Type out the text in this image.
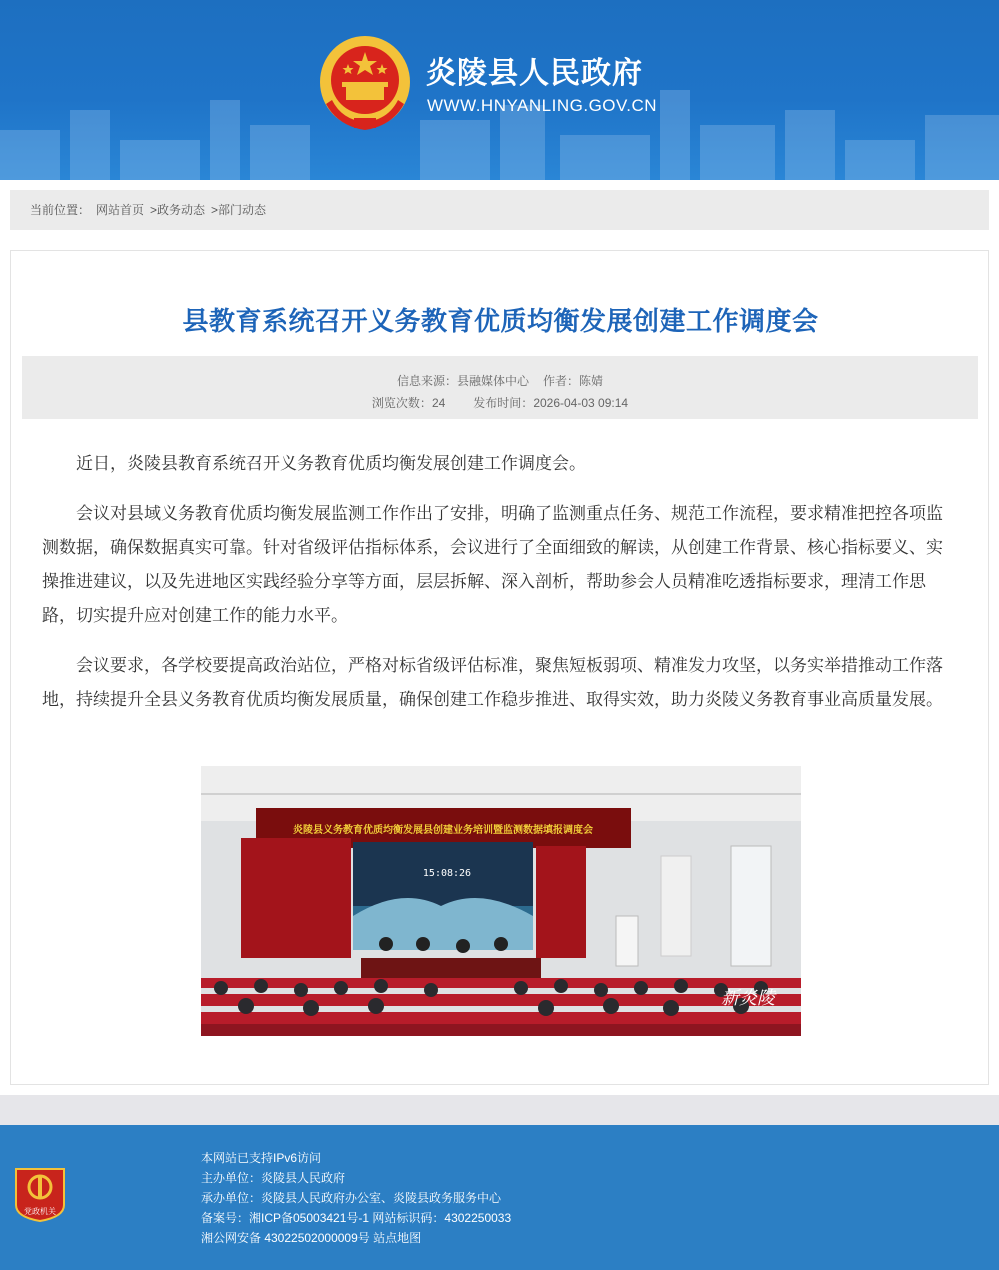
炎陵县人民政府
WWW.HNYANLING.GOV.CN
当前位置： 网站首页 >政务动态 >部门动态
县教育系统召开义务教育优质均衡发展创建工作调度会
信息来源：县融媒体中心 作者：陈婧
浏览次数：24 发布时间：2026-04-03 09:14

近日，炎陵县教育系统召开义务教育优质均衡发展创建工作调度会。

会议对县域义务教育优质均衡发展监测工作作出了安排，明确了监测重点任务、规范工作流程，要求精准把控各项监测数据，确保数据真实可靠。针对省级评估指标体系，会议进行了全面细致的解读，从创建工作背景、核心指标要义、实操推进建议，以及先进地区实践经验分享等方面，层层拆解、深入剖析，帮助参会人员精准吃透指标要求，理清工作思路，切实提升应对创建工作的能力水平。

会议要求，各学校要提高政治站位，严格对标省级评估标准，聚焦短板弱项、精准发力攻坚，以务实举措推动工作落地，持续提升全县义务教育优质均衡发展质量，确保创建工作稳步推进、取得实效，助力炎陵义务教育事业高质量发展。

炎陵县义务教育优质均衡发展县创建业务培训暨监测数据填报调度会
15:08:26
新炎陵
党政机关
本网站已支持IPv6访问
主办单位：炎陵县人民政府
承办单位：炎陵县人民政府办公室、炎陵县政务服务中心
备案号：湘ICP备05003421号-1 网站标识码：4302250033
湘公网安备 43022502000009号 站点地图
